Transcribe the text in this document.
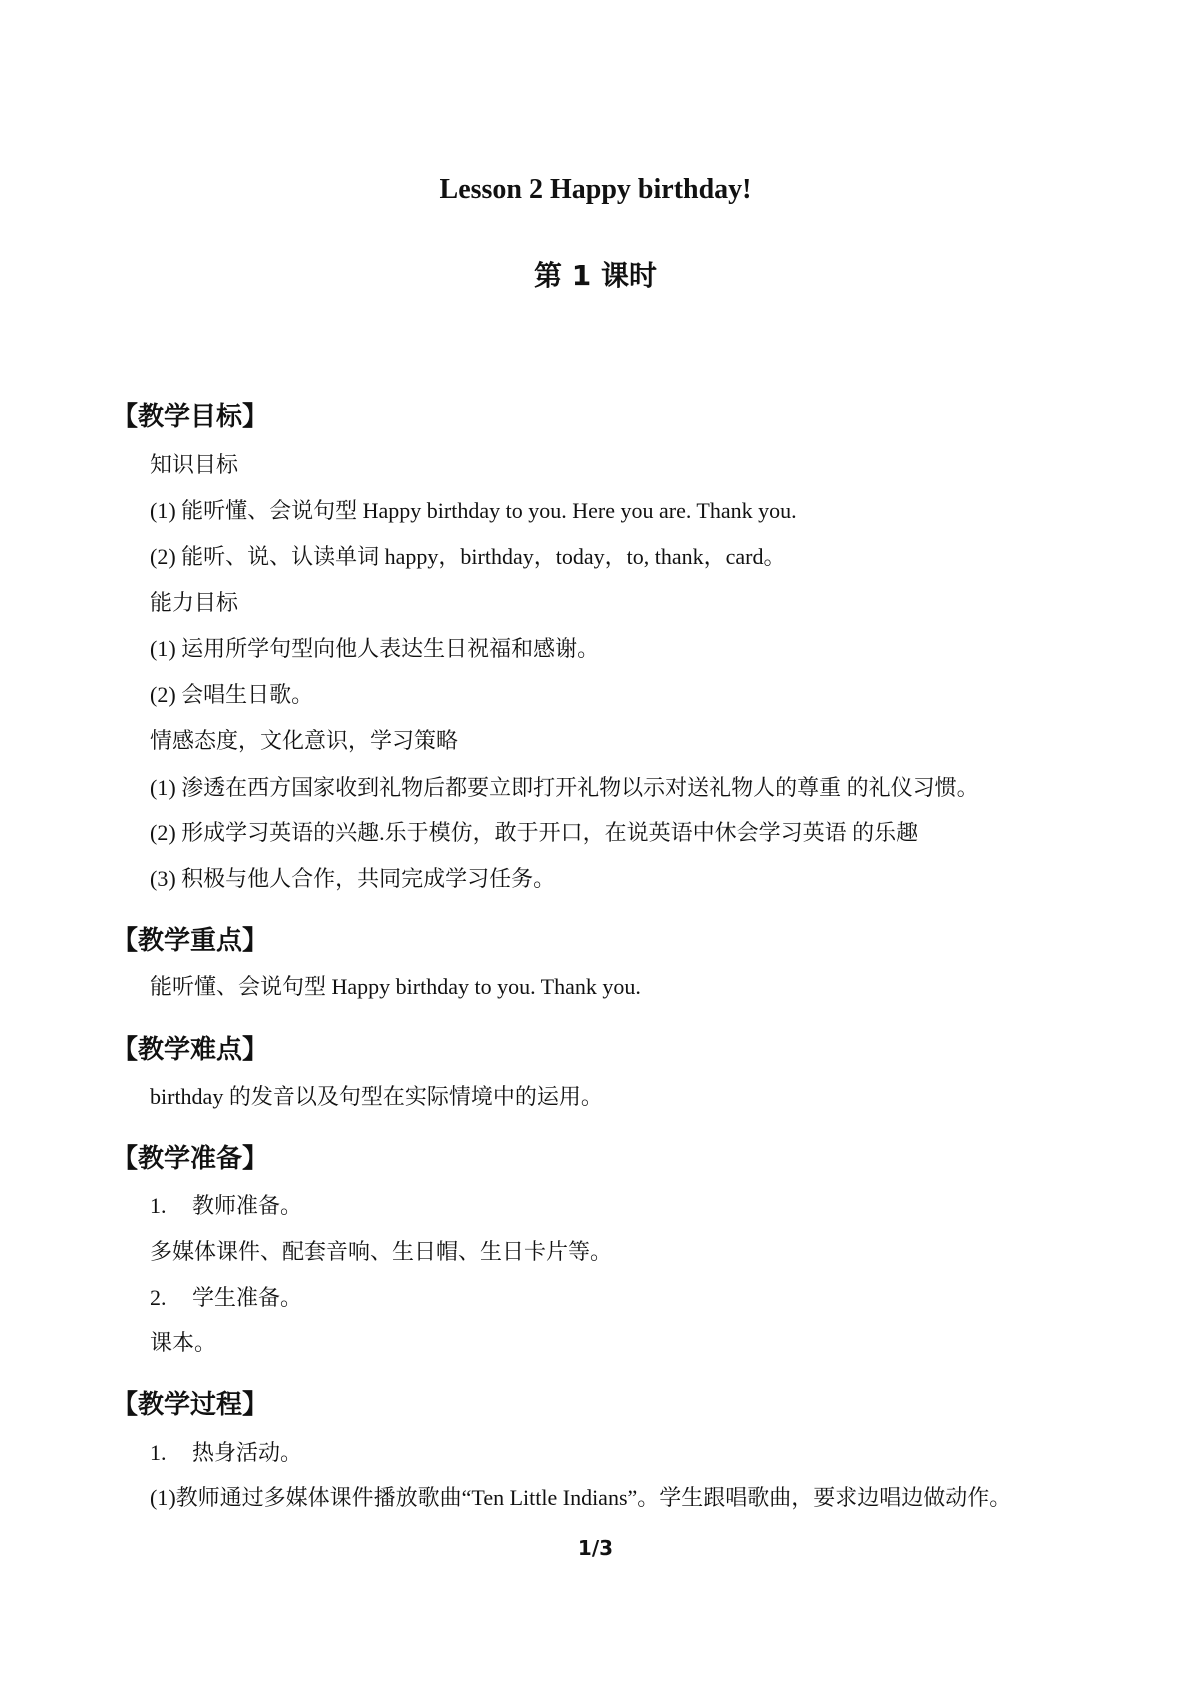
Lesson 2 Happy birthday!
第 1 课时
【教学目标】
知识目标
(1) 能听懂、会说句型 Happy birthday to you. Here you are. Thank you.
(2) 能听、说、认读单词 happy，birthday，today，to, thank，card。
能力目标
(1) 运用所学句型向他人表达生日祝福和感谢。
(2) 会唱生日歌。
情感态度，文化意识，学习策略
(1) 渗透在西方国家收到礼物后都要立即打开礼物以示对送礼物人的尊重 的礼仪习惯。
(2) 形成学习英语的兴趣.乐于模仿，敢于开口，在说英语中休会学习英语 的乐趣
(3) 积极与他人合作，共同完成学习任务。
【教学重点】
能听懂、会说句型 Happy birthday to you. Thank you.
【教学难点】
birthday 的发音以及句型在实际情境中的运用。
【教学准备】
1. 教师准备。
多媒体课件、配套音响、生日帽、生日卡片等。
2. 学生准备。
课本。
【教学过程】
1. 热身活动。
(1)教师通过多媒体课件播放歌曲“Ten Little Indians”。学生跟唱歌曲，要求边唱边做动作。
1/3
